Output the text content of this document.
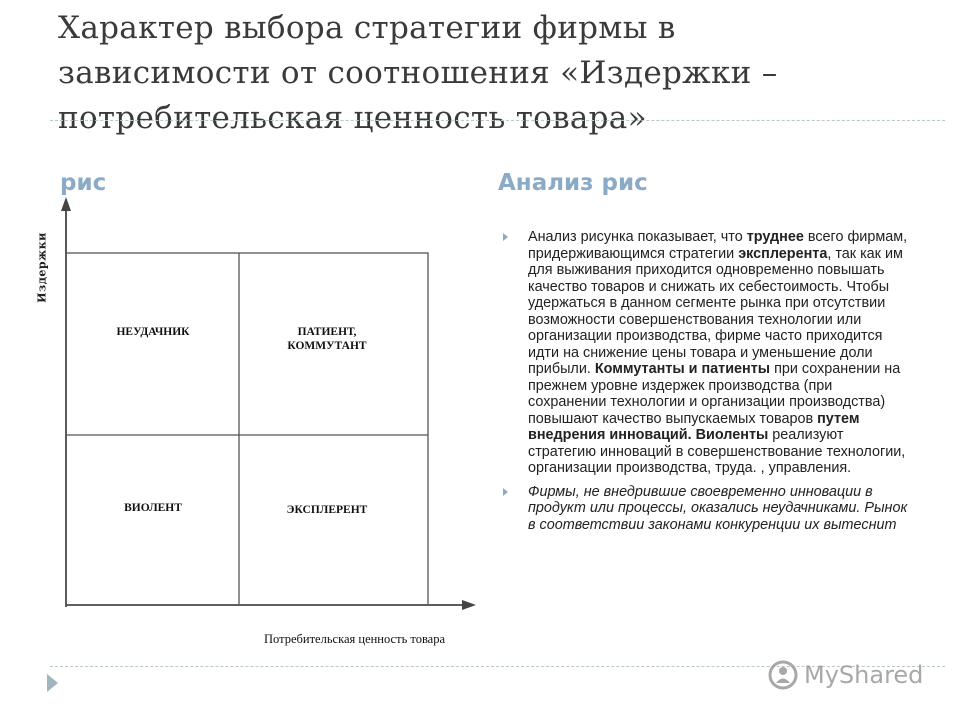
Характер выбора стратегии фирмы в
зависимости от соотношения «Издержки –
потребительская ценность товара»
рис	Анализ рис
Издержки
НЕУДАЧНИК	ПАТИЕНТ,
КОММУТАНТ
ВИОЛЕНТ	ЭКСПЛЕРЕНТ
Потребительская ценность товара
Анализ рисунка показывает, что труднее всего фирмам, придерживающимся стратегии эксплерента, так как им для выживания приходится одновременно повышать качество товаров и снижать их себестоимость. Чтобы удержаться в данном сегменте рынка при отсутствии возможности совершенствования технологии или организации производства, фирме часто приходится идти на снижение цены товара и уменьшение доли прибыли. Коммутанты и патиенты при сохранении на прежнем уровне издержек производства (при сохранении технологии и организации производства) повышают качество выпускаемых товаров путем внедрения инноваций. Виоленты реализуют стратегию инноваций в совершенствование технологии, организации производства, труда. , управления.
Фирмы, не внедрившие своевременно инновации в продукт или процессы, оказались неудачниками. Рынок в соответствии законами конкуренции их вытеснит
MyShared
